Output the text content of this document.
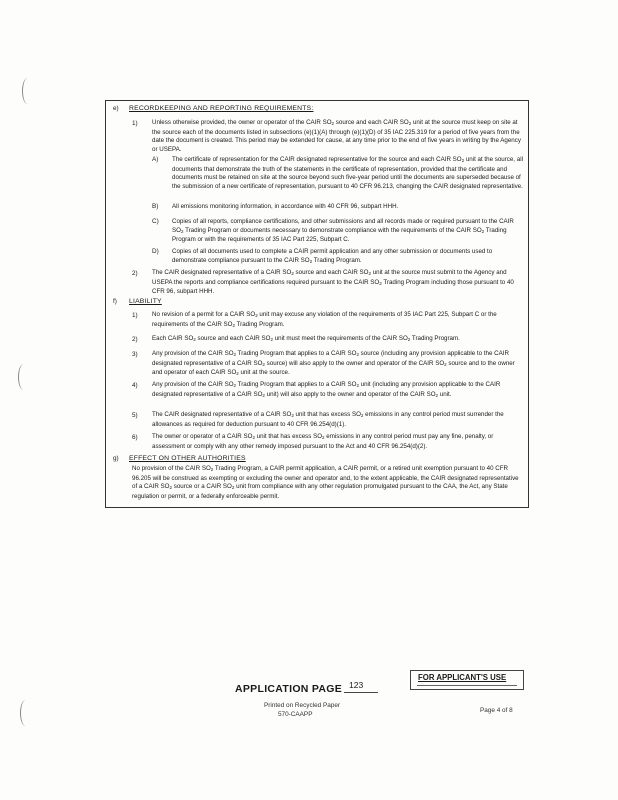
e) RECORDKEEPING AND REPORTING REQUIREMENTS:

1) Unless otherwise provided, the owner or operator of the CAIR $SO_2$ source and each CAIR $SO_2$ unit at the source must keep on site at the source each of the documents listed in subsections (e)(1)(A) through (e)(1)(D) of 35 IAC 225.319 for a period of five years from the date the document is created. This period may be extended for cause, at any time prior to the end of five years in writing by the Agency or USEPA.

A) The certificate of representation for the CAIR designated representative for the source and each CAIR $SO_2$ unit at the source, all documents that demonstrate the truth of the statements in the certificate of representation, provided that the certificate and documents must be retained on site at the source beyond such five-year period until the documents are superseded because of the submission of a new certificate of representation, pursuant to 40 CFR 96.213, changing the CAIR designated representative.

B) All emissions monitoring information, in accordance with 40 CFR 96, subpart HHH.

C) Copies of all reports, compliance certifications, and other submissions and all records made or required pursuant to the CAIR $SO_2$ Trading Program or documents necessary to demonstrate compliance with the requirements of the CAIR $SO_2$ Trading Program or with the requirements of 35 IAC Part 225, Subpart C.

D) Copies of all documents used to complete a CAIR permit application and any other submission or documents used to demonstrate compliance pursuant to the CAIR $SO_2$ Trading Program.

2) The CAIR designated representative of a CAIR $SO_2$ source and each CAIR $SO_2$ unit at the source must submit to the Agency and USEPA the reports and compliance certifications required pursuant to the CAIR $SO_2$ Trading Program including those pursuant to 40 CFR 96, subpart HHH.

f) LIABILITY

1) No revision of a permit for a CAIR $SO_2$ unit may excuse any violation of the requirements of 35 IAC Part 225, Subpart C or the requirements of the CAIR $SO_2$ Trading Program.

2) Each CAIR $SO_2$ source and each CAIR $SO_2$ unit must meet the requirements of the CAIR $SO_2$ Trading Program.

3) Any provision of the CAIR $SO_2$ Trading Program that applies to a CAIR $SO_2$ source (including any provision applicable to the CAIR designated representative of a CAIR $SO_2$ source) will also apply to the owner and operator of the CAIR $SO_2$ source and to the owner and operator of each CAIR $SO_2$ unit at the source.

4) Any provision of the CAIR $SO_2$ Trading Program that applies to a CAIR $SO_2$ unit (including any provision applicable to the CAIR designated representative of a CAIR $SO_2$ unit) will also apply to the owner and operator of the CAIR $SO_2$ unit.

5) The CAIR designated representative of a CAIR $SO_2$ unit that has excess $SO_2$ emissions in any control period must surrender the allowances as required for deduction pursuant to 40 CFR 96.254(d)(1).

6) The owner or operator of a CAIR $SO_2$ unit that has excess $SO_2$ emissions in any control period must pay any fine, penalty, or assessment or comply with any other remedy imposed pursuant to the Act and 40 CFR 96.254(d)(2).

g) EFFECT ON OTHER AUTHORITIES

No provision of the CAIR $SO_2$ Trading Program, a CAIR permit application, a CAIR permit, or a retired unit exemption pursuant to 40 CFR 96.205 will be construed as exempting or excluding the owner and operator and, to the extent applicable, the CAIR designated representative of a CAIR $SO_2$ source or a CAIR $SO_2$ unit from compliance with any other regulation promulgated pursuant to the CAA, the Act, any State regulation or permit, or a federally enforceable permit.

FOR APPLICANT'S USE
APPLICATION PAGE 123
Printed on Recycled Paper
570-CAAPP
Page 4 of 8
